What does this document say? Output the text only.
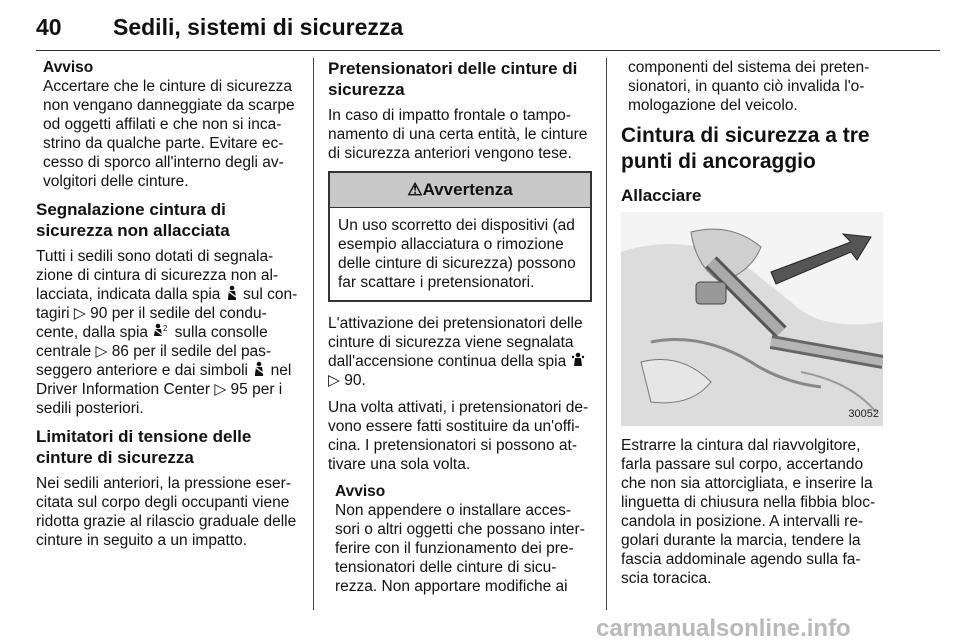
40 Sedili, sistemi di sicurezza
Avviso

Accertare che le cinture di sicurezza non vengano danneggiate da scarpe od oggetti affilati e che non si inca- strino da qualche parte. Evitare ec- cesso di sporco all'interno degli av- volgitori delle cinture.

Segnalazione cintura di sicurezza non allacciata

Tutti i sedili sono dotati di segnala- zione di cintura di sicurezza non al- lacciata, indicata dalla spia  sul con- tagiri ▷ 90 per il sedile del condu- cente, dalla spia 2 sulla consolle centrale ▷ 86 per il sedile del pas- seggero anteriore e dai simboli  nel Driver Information Center ▷ 95 per i sedili posteriori.

Limitatori di tensione delle cinture di sicurezza

Nei sedili anteriori, la pressione eser- citata sul corpo degli occupanti viene ridotta grazie al rilascio graduale delle cinture in seguito a un impatto.

Pretensionatori delle cinture di sicurezza

In caso di impatto frontale o tampo- namento di una certa entità, le cinture di sicurezza anteriori vengono tese.

⚠Avvertenza
Un uso scorretto dei dispositivi (ad esempio allacciatura o rimozione delle cinture di sicurezza) possono far scattare i pretensionatori.

L'attivazione dei pretensionatori delle cinture di sicurezza viene segnalata dall'accensione continua della spia
▷ 90.

Una volta attivati, i pretensionatori de- vono essere fatti sostituire da un'offi- cina. I pretensionatori si possono at- tivare una sola volta.

Avviso

Non appendere o installare acces- sori o altri oggetti che possano inter- ferire con il funzionamento dei pre- tensionatori delle cinture di sicu- rezza. Non apportare modifiche ai

componenti del sistema dei preten- sionatori, in quanto ciò invalida l'o- mologazione del veicolo.

Cintura di sicurezza a tre punti di ancoraggio
Allacciare
30052

Estrarre la cintura dal riavvolgitore, farla passare sul corpo, accertando che non sia attorcigliata, e inserire la linguetta di chiusura nella fibbia bloc- candola in posizione. A intervalli re- golari durante la marcia, tendere la fascia addominale agendo sulla fa- scia toracica.

carmanualsonline.info
